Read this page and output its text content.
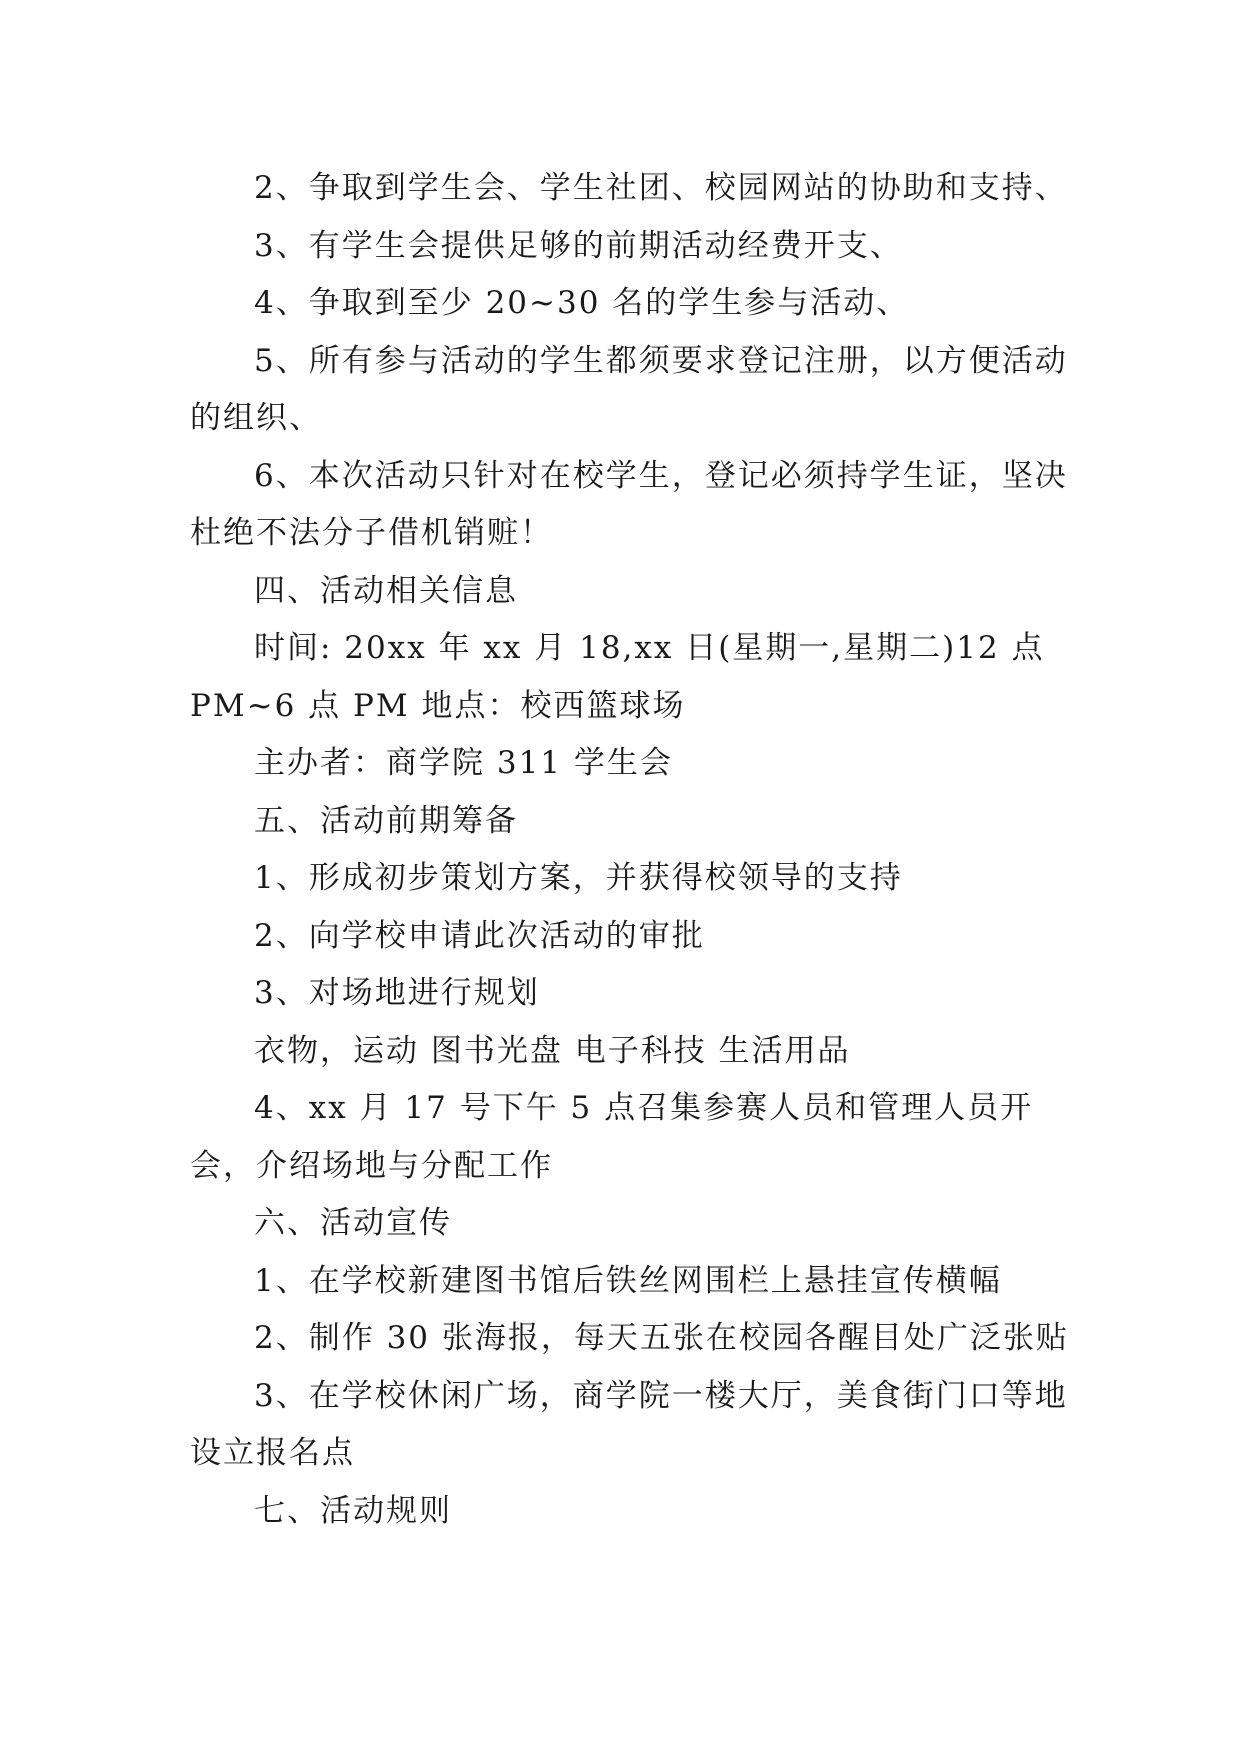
2、争取到学生会、学生社团、校园网站的协助和支持、

3、有学生会提供足够的前期活动经费开支、

4、争取到至少 20~30 名的学生参与活动、

5、所有参与活动的学生都须要求登记注册，以方便活动的组织、

6、本次活动只针对在校学生，登记必须持学生证，坚决杜绝不法分子借机销赃！

四、活动相关信息

时间: 20xx 年 xx 月 18,xx 日(星期一,星期二)12 点 PM~6 点 PM 地点：校西篮球场

主办者：商学院 311 学生会

五、活动前期筹备

1、形成初步策划方案，并获得校领导的支持

2、向学校申请此次活动的审批

3、对场地进行规划

衣物，运动 图书光盘 电子科技 生活用品

4、xx 月 17 号下午 5 点召集参赛人员和管理人员开会，介绍场地与分配工作

六、活动宣传

1、在学校新建图书馆后铁丝网围栏上悬挂宣传横幅

2、制作 30 张海报，每天五张在校园各醒目处广泛张贴

3、在学校休闲广场，商学院一楼大厅，美食街门口等地设立报名点

七、活动规则
